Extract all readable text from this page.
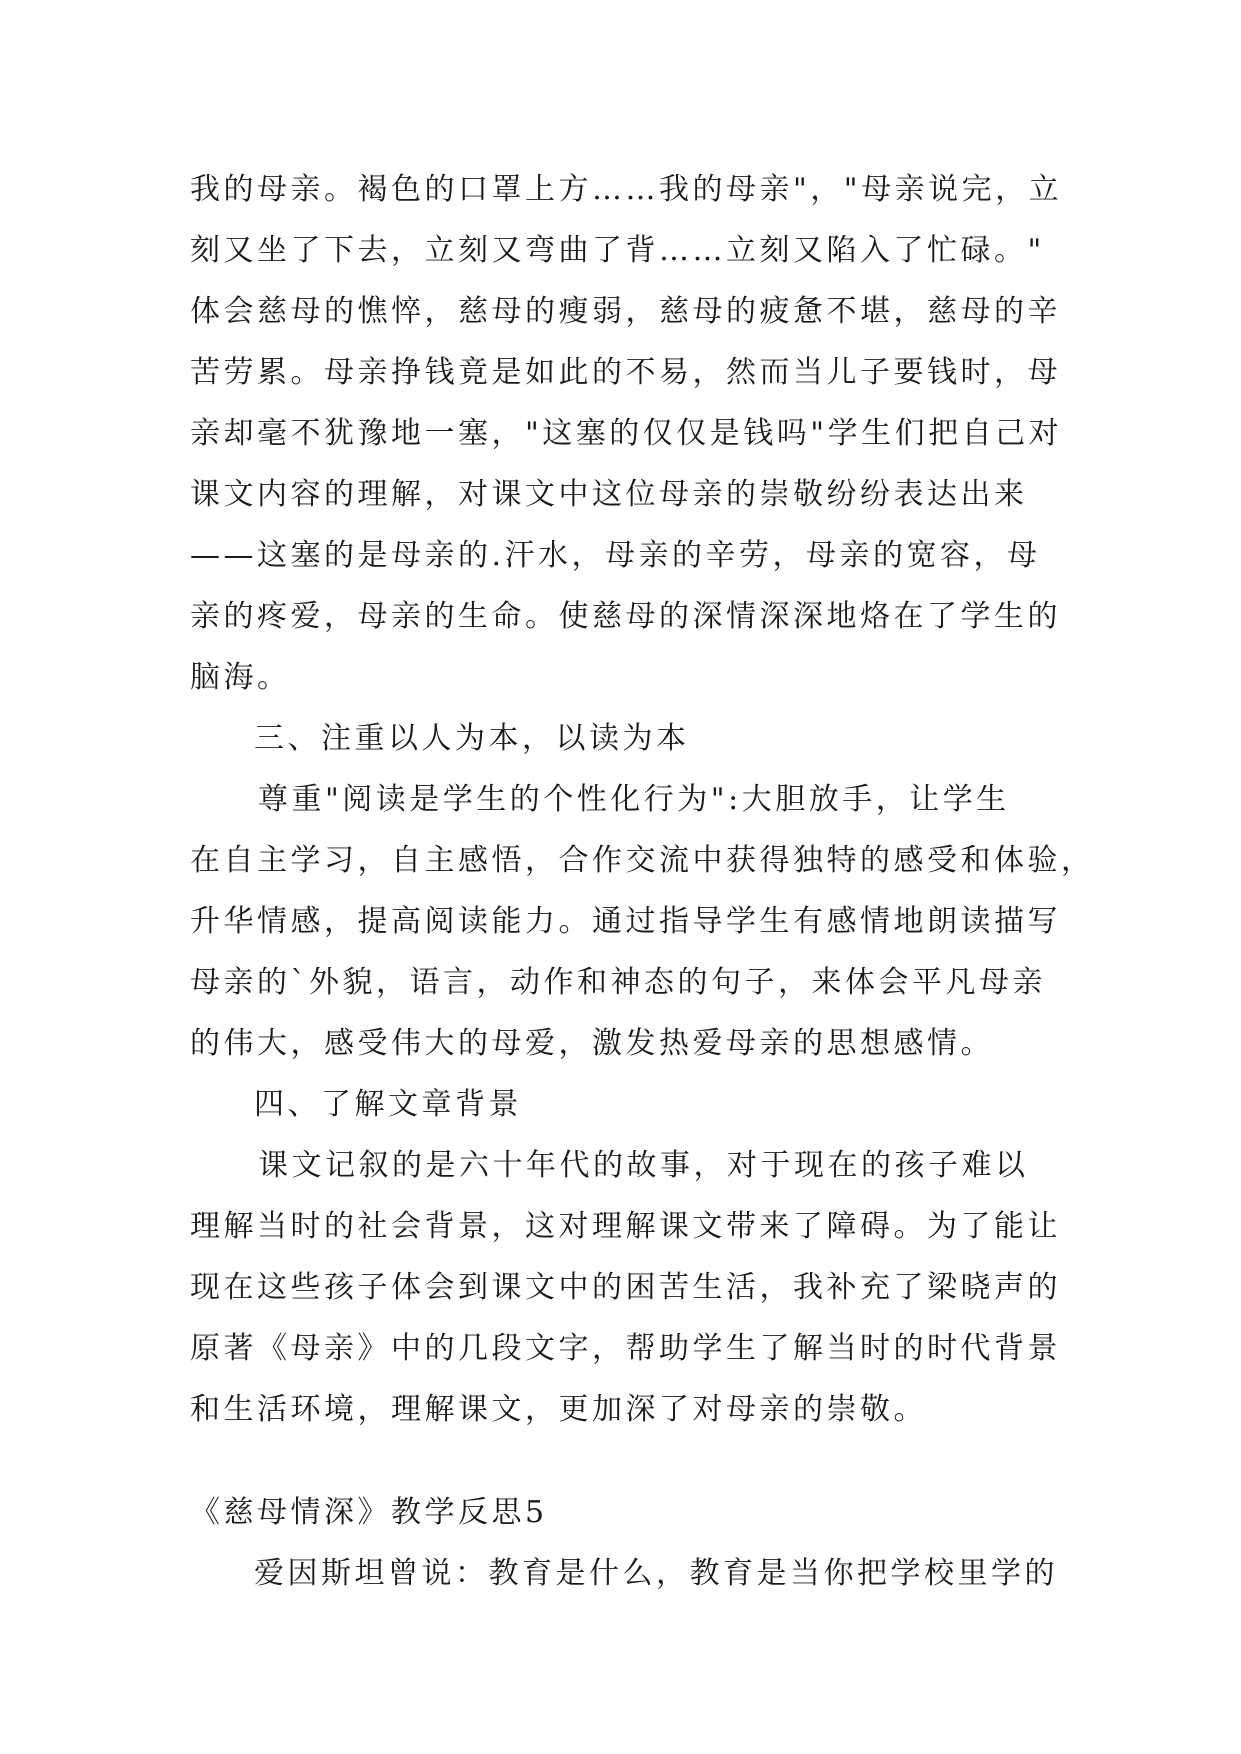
我的母亲。褐色的口罩上方……我的母亲"，"母亲说完，立
刻又坐了下去，立刻又弯曲了背……立刻又陷入了忙碌。"
体会慈母的憔悴，慈母的瘦弱，慈母的疲惫不堪，慈母的辛
苦劳累。母亲挣钱竟是如此的不易，然而当儿子要钱时，母
亲却毫不犹豫地一塞，"这塞的仅仅是钱吗"学生们把自己对
课文内容的理解，对课文中这位母亲的崇敬纷纷表达出来
——这塞的是母亲的.汗水，母亲的辛劳，母亲的宽容，母
亲的疼爱，母亲的生命。使慈母的深情深深地烙在了学生的
脑海。
三、注重以人为本，以读为本
尊重"阅读是学生的个性化行为":大胆放手，让学生
在自主学习，自主感悟，合作交流中获得独特的感受和体验，
升华情感，提高阅读能力。通过指导学生有感情地朗读描写
母亲的`外貌，语言，动作和神态的句子，来体会平凡母亲
的伟大，感受伟大的母爱，激发热爱母亲的思想感情。
四、了解文章背景
课文记叙的是六十年代的故事，对于现在的孩子难以
理解当时的社会背景，这对理解课文带来了障碍。为了能让
现在这些孩子体会到课文中的困苦生活，我补充了梁晓声的
原著《母亲》中的几段文字，帮助学生了解当时的时代背景
和生活环境，理解课文，更加深了对母亲的崇敬。
《慈母情深》教学反思5
爱因斯坦曾说：教育是什么，教育是当你把学校里学的
